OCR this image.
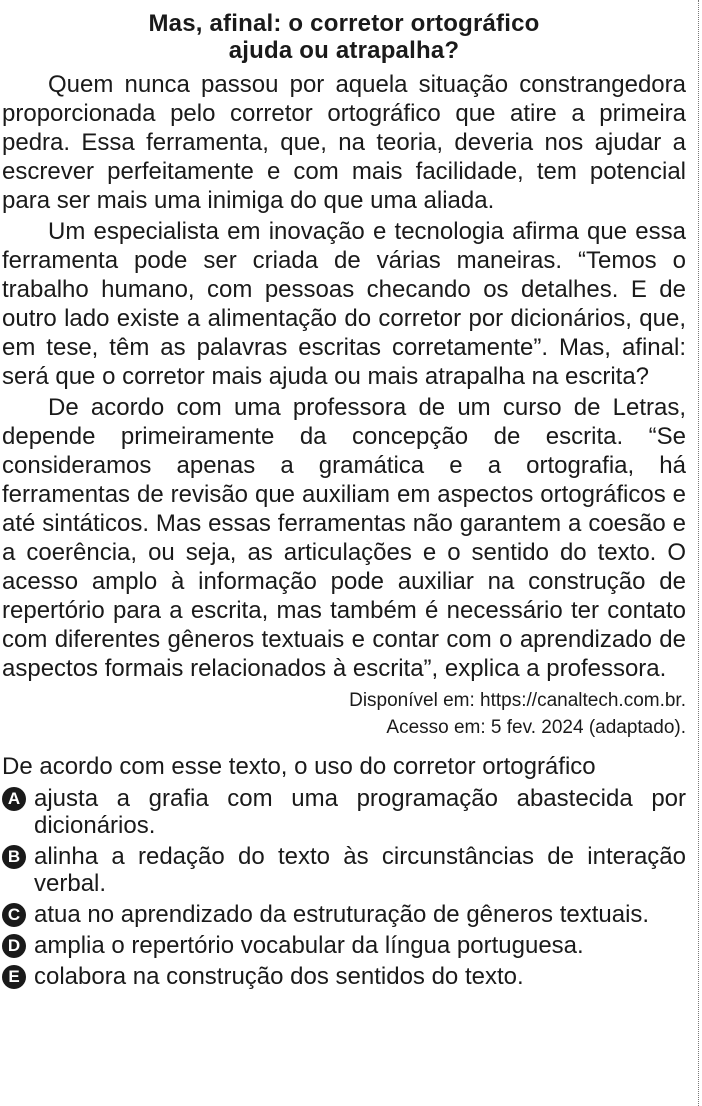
Mas, afinal: o corretor ortográfico
ajuda ou atrapalha?

Quem nunca passou por aquela situação constrangedora proporcionada pelo corretor ortográfico que atire a primeira pedra. Essa ferramenta, que, na teoria, deveria nos ajudar a escrever perfeitamente e com mais facilidade, tem potencial para ser mais uma inimiga do que uma aliada.

Um especialista em inovação e tecnologia afirma que essa ferramenta pode ser criada de várias maneiras. “Temos o trabalho humano, com pessoas checando os detalhes. E de outro lado existe a alimentação do corretor por dicionários, que, em tese, têm as palavras escritas corretamente”. Mas, afinal: será que o corretor mais ajuda ou mais atrapalha na escrita?

De acordo com uma professora de um curso de Letras, depende primeiramente da concepção de escrita. “Se consideramos apenas a gramática e a ortografia, há ferramentas de revisão que auxiliam em aspectos ortográficos e até sintáticos. Mas essas ferramentas não garantem a coesão e a coerência, ou seja, as articulações e o sentido do texto. O acesso amplo à informação pode auxiliar na construção de repertório para a escrita, mas também é necessário ter contato com diferentes gêneros textuais e contar com o aprendizado de aspectos formais relacionados à escrita”, explica a professora.

Disponível em: https://canaltech.com.br.
Acesso em: 5 fev. 2024 (adaptado).
De acordo com esse texto, o uso do corretor ortográfico
A ajusta a grafia com uma programação abastecida por dicionários.
B alinha a redação do texto às circunstâncias de interação verbal.
C atua no aprendizado da estruturação de gêneros textuais.
D amplia o repertório vocabular da língua portuguesa.
E colabora na construção dos sentidos do texto.
